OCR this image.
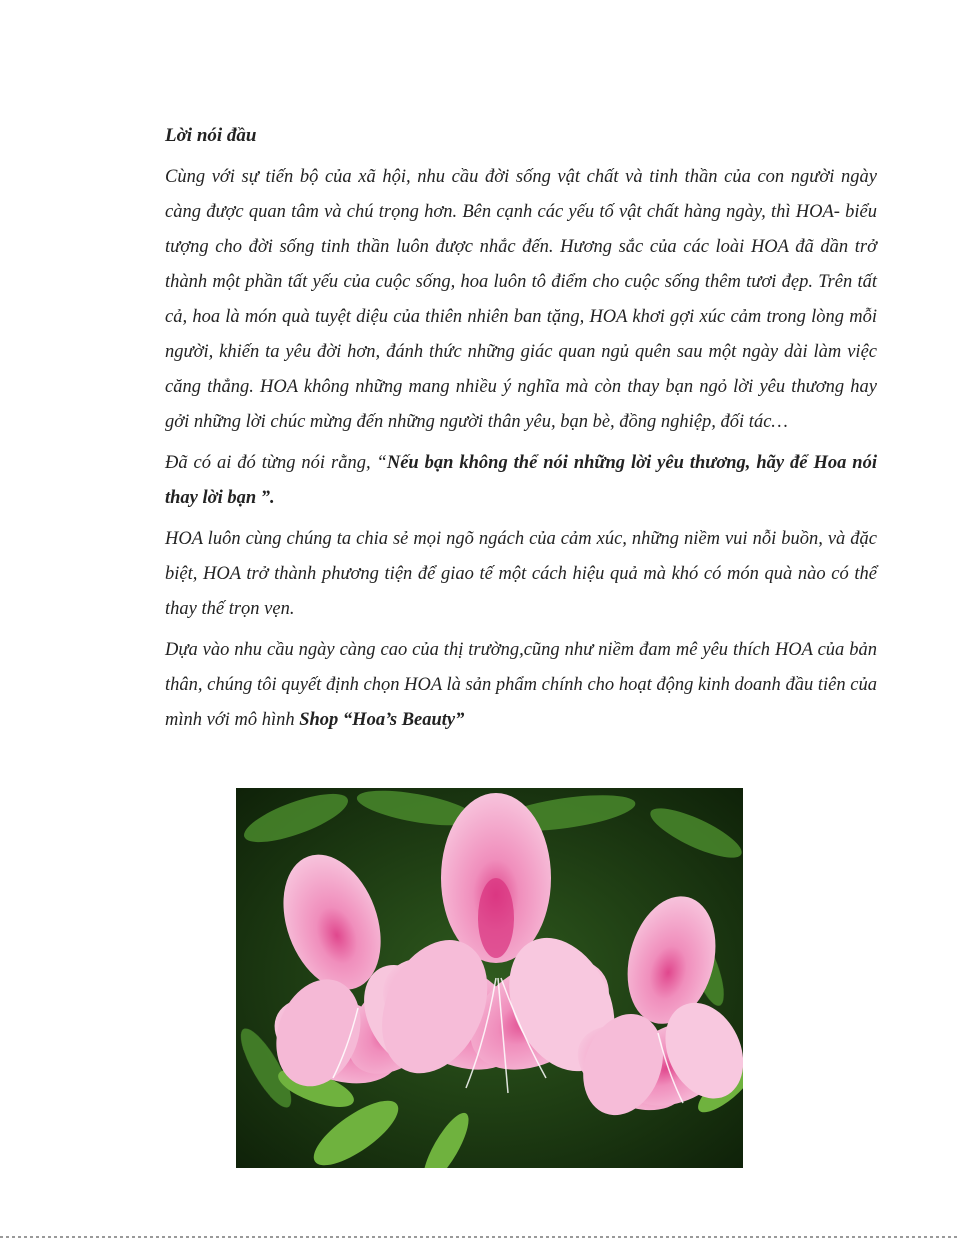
Lời nói đầu

Cùng với sự tiến bộ của xã hội, nhu cầu đời sống vật chất và tinh thần của con người ngày càng được quan tâm và chú trọng hơn. Bên cạnh các yếu tố vật chất hàng ngày, thì HOA- biểu tượng cho đời sống tinh thần luôn được nhắc đến. Hương sắc của các loài HOA đã dần trở thành một phần tất yếu của cuộc sống, hoa luôn tô điểm cho cuộc sống thêm tươi đẹp. Trên tất cả, hoa là món quà tuyệt diệu của thiên nhiên ban tặng, HOA khơi gợi xúc cảm trong lòng mỗi người, khiến ta yêu đời hơn, đánh thức những giác quan ngủ quên sau một ngày dài làm việc căng thẳng. HOA không những mang nhiều ý nghĩa mà còn thay bạn ngỏ lời yêu thương hay gởi những lời chúc mừng đến những người thân yêu, bạn bè, đồng nghiệp, đối tác…

Đã có ai đó từng nói rằng, “Nếu bạn không thể nói những lời yêu thương, hãy để Hoa nói thay lời bạn ”.

HOA luôn cùng chúng ta chia sẻ mọi ngõ ngách của cảm xúc, những niềm vui nỗi buồn, và đặc biệt, HOA trở thành phương tiện để giao tế một cách hiệu quả mà khó có món quà nào có thể thay thế trọn vẹn.

Dựa vào nhu cầu ngày càng cao của thị trường,cũng như niềm đam mê yêu thích HOA của bản thân, chúng tôi quyết định chọn HOA là sản phẩm chính cho hoạt động kinh doanh đầu tiên của mình với mô hình Shop “Hoa’s Beauty”
